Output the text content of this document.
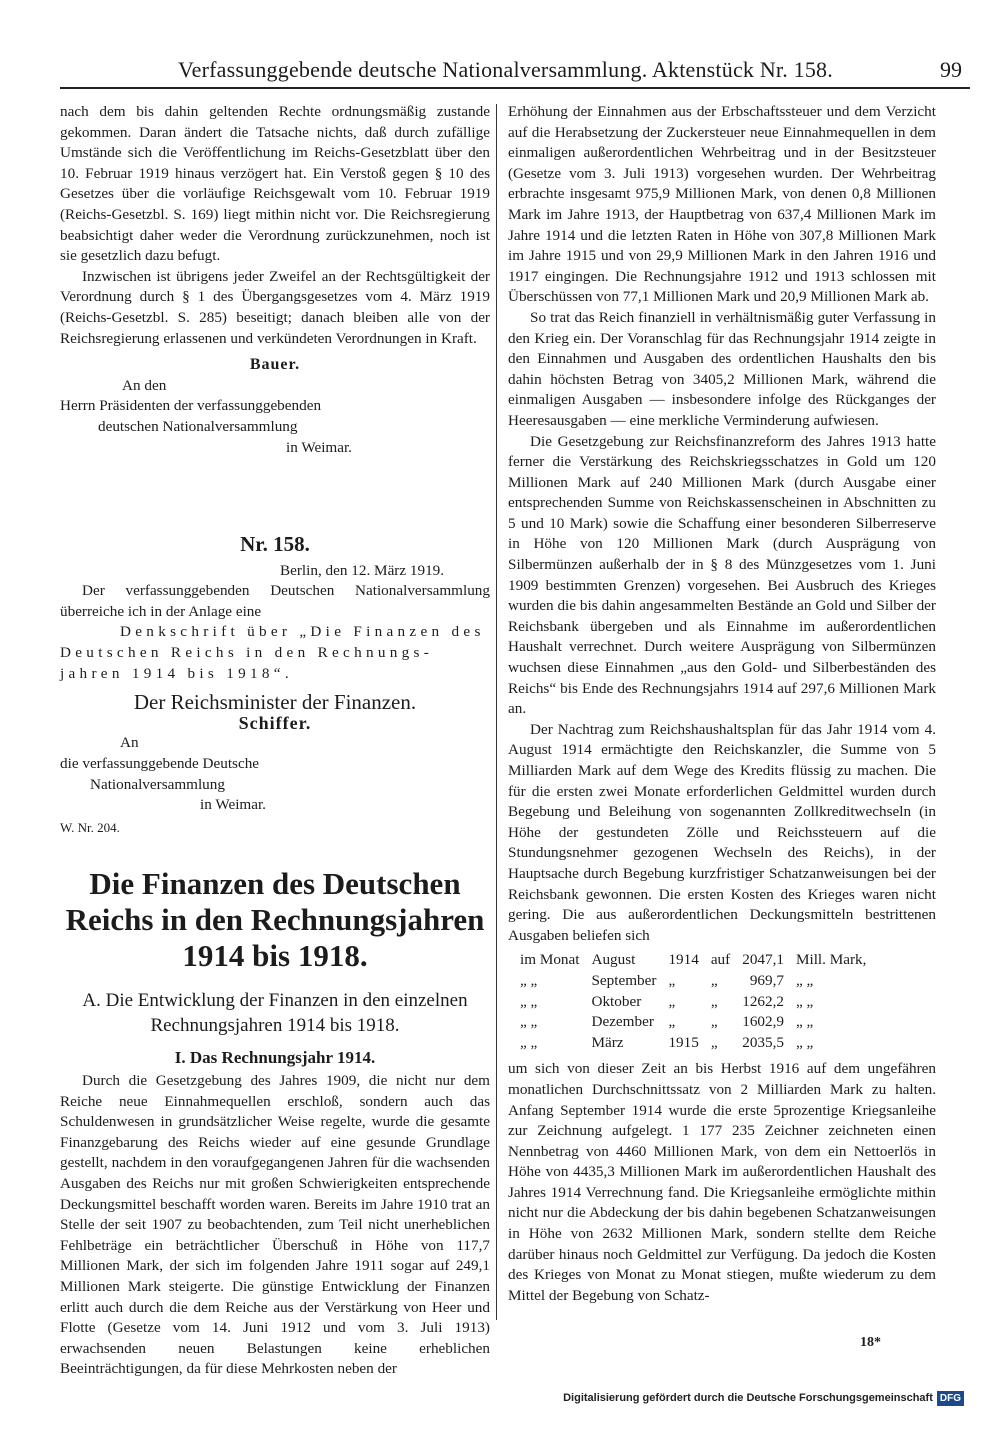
Verfassunggebende deutsche Nationalversammlung. Aktenstück Nr. 158.	99

nach dem bis dahin geltenden Rechte ordnungsmäßig zustande gekommen. Daran ändert die Tatsache nichts, daß durch zufällige Umstände sich die Veröffentlichung im Reichs-Gesetzblatt über den 10. Februar 1919 hinaus verzögert hat. Ein Verstoß gegen § 10 des Gesetzes über die vorläufige Reichsgewalt vom 10. Februar 1919 (Reichs-Gesetzbl. S. 169) liegt mithin nicht vor. Die Reichsregierung beabsichtigt daher weder die Verordnung zurückzunehmen, noch ist sie gesetzlich dazu befugt.

Inzwischen ist übrigens jeder Zweifel an der Rechtsgültigkeit der Verordnung durch § 1 des Übergangsgesetzes vom 4. März 1919 (Reichs-Gesetzbl. S. 285) beseitigt; danach bleiben alle von der Reichsregierung erlassenen und verkündeten Verordnungen in Kraft.

Bauer.

An den

Herrn Präsidenten der verfassunggebenden

deutschen Nationalversammlung

in Weimar.

Nr. 158.

Berlin, den 12. März 1919.

Der verfassunggebenden Deutschen Nationalversammlung überreiche ich in der Anlage eine

Denkschrift über „Die Finanzen des

Deutschen Reichs in den Rechnungs-

jahren 1914 bis 1918“.

Der Reichsminister der Finanzen.
Schiffer.

An

die verfassunggebende Deutsche

Nationalversammlung

in Weimar.

W. Nr. 204.

Die Finanzen des Deutschen Reichs in den Rechnungsjahren 1914 bis 1918.
A. Die Entwicklung der Finanzen in den einzelnen Rechnungsjahren 1914 bis 1918.
I. Das Rechnungsjahr 1914.

Durch die Gesetzgebung des Jahres 1909, die nicht nur dem Reiche neue Einnahmequellen erschloß, sondern auch das Schuldenwesen in grundsätzlicher Weise regelte, wurde die gesamte Finanzgebarung des Reichs wieder auf eine gesunde Grundlage gestellt, nachdem in den voraufgegangenen Jahren für die wachsenden Ausgaben des Reichs nur mit großen Schwierigkeiten entsprechende Deckungsmittel beschafft worden waren. Bereits im Jahre 1910 trat an Stelle der seit 1907 zu beobachtenden, zum Teil nicht unerheblichen Fehlbeträge ein beträchtlicher Überschuß in Höhe von 117,7 Millionen Mark, der sich im folgenden Jahre 1911 sogar auf 249,1 Millionen Mark steigerte. Die günstige Entwicklung der Finanzen erlitt auch durch die dem Reiche aus der Verstärkung von Heer und Flotte (Gesetze vom 14. Juni 1912 und vom 3. Juli 1913) erwachsenden neuen Belastungen keine erheblichen Beeinträchtigungen, da für diese Mehrkosten neben der

Erhöhung der Einnahmen aus der Erbschaftssteuer und dem Verzicht auf die Herabsetzung der Zuckersteuer neue Einnahmequellen in dem einmaligen außerordentlichen Wehrbeitrag und in der Besitzsteuer (Gesetze vom 3. Juli 1913) vorgesehen wurden. Der Wehrbeitrag erbrachte insgesamt 975,9 Millionen Mark, von denen 0,8 Millionen Mark im Jahre 1913, der Hauptbetrag von 637,4 Millionen Mark im Jahre 1914 und die letzten Raten in Höhe von 307,8 Millionen Mark im Jahre 1915 und von 29,9 Millionen Mark in den Jahren 1916 und 1917 eingingen. Die Rechnungsjahre 1912 und 1913 schlossen mit Überschüssen von 77,1 Millionen Mark und 20,9 Millionen Mark ab.

So trat das Reich finanziell in verhältnismäßig guter Verfassung in den Krieg ein. Der Voranschlag für das Rechnungsjahr 1914 zeigte in den Einnahmen und Ausgaben des ordentlichen Haushalts den bis dahin höchsten Betrag von 3405,2 Millionen Mark, während die einmaligen Ausgaben — insbesondere infolge des Rückganges der Heeresausgaben — eine merkliche Verminderung aufwiesen.

Die Gesetzgebung zur Reichsfinanzreform des Jahres 1913 hatte ferner die Verstärkung des Reichskriegsschatzes in Gold um 120 Millionen Mark auf 240 Millionen Mark (durch Ausgabe einer entsprechenden Summe von Reichskassenscheinen in Abschnitten zu 5 und 10 Mark) sowie die Schaffung einer besonderen Silberreserve in Höhe von 120 Millionen Mark (durch Ausprägung von Silbermünzen außerhalb der in § 8 des Münzgesetzes vom 1. Juni 1909 bestimmten Grenzen) vorgesehen. Bei Ausbruch des Krieges wurden die bis dahin angesammelten Bestände an Gold und Silber der Reichsbank übergeben und als Einnahme im außerordentlichen Haushalt verrechnet. Durch weitere Ausprägung von Silbermünzen wuchsen diese Einnahmen „aus den Gold- und Silberbeständen des Reichs“ bis Ende des Rechnungsjahrs 1914 auf 297,6 Millionen Mark an.

Der Nachtrag zum Reichshaushaltsplan für das Jahr 1914 vom 4. August 1914 ermächtigte den Reichskanzler, die Summe von 5 Milliarden Mark auf dem Wege des Kredits flüssig zu machen. Die für die ersten zwei Monate erforderlichen Geldmittel wurden durch Begebung und Beleihung von sogenannten Zollkreditwechseln (in Höhe der gestundeten Zölle und Reichssteuern auf die Stundungsnehmer gezogenen Wechseln des Reichs), in der Hauptsache durch Begebung kurzfristiger Schatzanweisungen bei der Reichsbank gewonnen. Die ersten Kosten des Krieges waren nicht gering. Die aus außerordentlichen Deckungsmitteln bestrittenen Ausgaben beliefen sich

im Monat	August	1914	auf	2047,1	Mill. Mark,
„ „	September	„	„	969,7	„ „
„ „	Oktober	„	„	1262,2	„ „
„ „	Dezember	„	„	1602,9	„ „
„ „	März	1915	„	2035,5	„ „

um sich von dieser Zeit an bis Herbst 1916 auf dem ungefähren monatlichen Durchschnittssatz von 2 Milliarden Mark zu halten. Anfang September 1914 wurde die erste 5prozentige Kriegsanleihe zur Zeichnung aufgelegt. 1 177 235 Zeichner zeichneten einen Nennbetrag von 4460 Millionen Mark, von dem ein Nettoerlös in Höhe von 4435,3 Millionen Mark im außerordentlichen Haushalt des Jahres 1914 Verrechnung fand. Die Kriegsanleihe ermöglichte mithin nicht nur die Abdeckung der bis dahin begebenen Schatzanweisungen in Höhe von 2632 Millionen Mark, sondern stellte dem Reiche darüber hinaus noch Geldmittel zur Verfügung. Da jedoch die Kosten des Krieges von Monat zu Monat stiegen, mußte wiederum zu dem Mittel der Begebung von Schatz-

18*
Digitalisierung gefördert durch die Deutsche Forschungsgemeinschaft DFG
